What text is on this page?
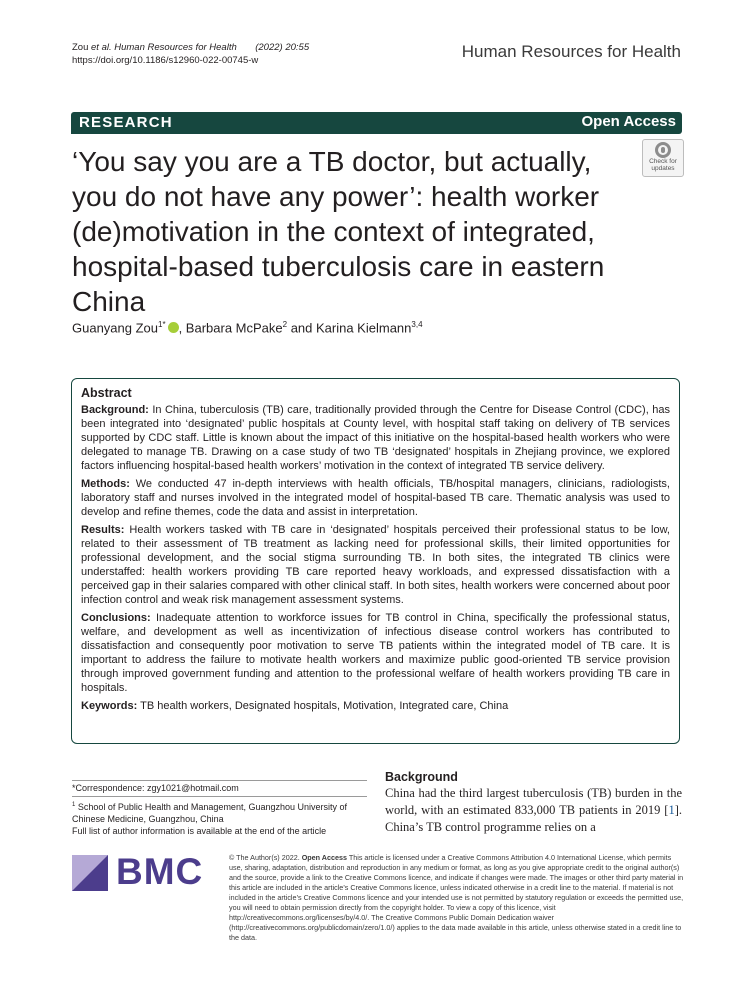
Zou et al. Human Resources for Health (2022) 20:55
https://doi.org/10.1186/s12960-022-00745-w	Human Resources for Health
RESEARCH	Open Access
‘You say you are a TB doctor, but actually, you do not have any power’: health worker (de)motivation in the context of integrated, hospital-based tuberculosis care in eastern China
Check for
updates
Guanyang Zou$^{1*}$ , Barbara McPake$^2$ and Karina Kielmann$^{3,4}$
Abstract

Background: In China, tuberculosis (TB) care, traditionally provided through the Centre for Disease Control (CDC), has been integrated into ‘designated’ public hospitals at County level, with hospital staff taking on delivery of TB services supported by CDC staff. Little is known about the impact of this initiative on the hospital-based health workers who were delegated to manage TB. Drawing on a case study of two TB ‘designated’ hospitals in Zhejiang province, we explored factors influencing hospital-based health workers’ motivation in the context of integrated TB service delivery.

Methods: We conducted 47 in-depth interviews with health officials, TB/hospital managers, clinicians, radiologists, laboratory staff and nurses involved in the integrated model of hospital-based TB care. Thematic analysis was used to develop and refine themes, code the data and assist in interpretation.

Results: Health workers tasked with TB care in ‘designated’ hospitals perceived their professional status to be low, related to their assessment of TB treatment as lacking need for professional skills, their limited opportunities for professional development, and the social stigma surrounding TB. In both sites, the integrated TB clinics were understaffed: health workers providing TB care reported heavy workloads, and expressed dissatisfaction with a perceived gap in their salaries compared with other clinical staff. In both sites, health workers were concerned about poor infection control and weak risk management assessment systems.

Conclusions: Inadequate attention to workforce issues for TB control in China, specifically the professional status, welfare, and development as well as incentivization of infectious disease control workers has contributed to dissatisfaction and consequently poor motivation to serve TB patients within the integrated model of TB care. It is important to address the failure to motivate health workers and maximize public good-oriented TB service provision through improved government funding and attention to the professional welfare of health workers providing TB care in hospitals.

Keywords: TB health workers, Designated hospitals, Motivation, Integrated care, China

*Correspondence: zgy1021@hotmail.com
$^1$ School of Public Health and Management, Guangzhou University of Chinese Medicine, Guangzhou, China
Full list of author information is available at the end of the article
Background
China had the third largest tuberculosis (TB) burden in the world, with an estimated 833,000 TB patients in 2019 [1]. China’s TB control programme relies on a
BMC	© The Author(s) 2022. Open Access This article is licensed under a Creative Commons Attribution 4.0 International License, which permits use, sharing, adaptation, distribution and reproduction in any medium or format, as long as you give appropriate credit to the original author(s) and the source, provide a link to the Creative Commons licence, and indicate if changes were made. The images or other third party material in this article are included in the article’s Creative Commons licence, unless indicated otherwise in a credit line to the material. If material is not included in the article’s Creative Commons licence and your intended use is not permitted by statutory regulation or exceeds the permitted use, you will need to obtain permission directly from the copyright holder. To view a copy of this licence, visit http://creativecommons.org/licenses/by/4.0/. The Creative Commons Public Domain Dedication waiver (http://creativecommons.org/publicdomain/zero/1.0/) applies to the data made available in this article, unless otherwise stated in a credit line to the data.
